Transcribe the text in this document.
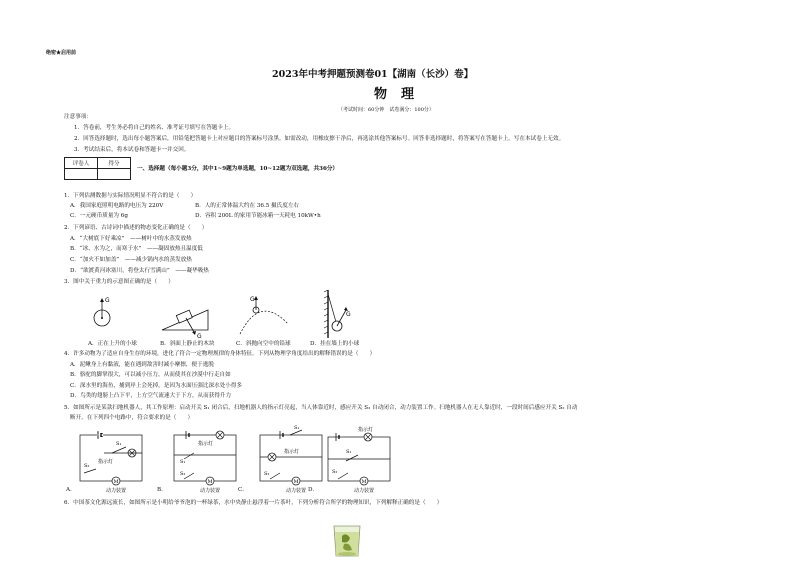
绝密★启用前
2023年中考押题预测卷01【湖南（长沙）卷】
物理
（考试时间：60分钟　试卷满分：100分）
注意事项：
1．答卷前，考生务必将自己的姓名、准考证号填写在答题卡上。
2．回答选择题时，选出每小题答案后，用铅笔把答题卡上对应题目的答案标号涂黑。如需改动，用橡皮擦干净后，再选涂其他答案标号。回答非选择题时，将答案写在答题卡上。写在本试卷上无效。
3．考试结束后，将本试卷和答题卡一并交回。
评卷人	得分

一、选择题（每小题3分，其中1~9题为单选题，10~12题为双选题，共36分）
1．下列估测数据与实际情况明显不符合的是（　　）
A．我国家庭照明电路的电压为 220V	B．人的正常体温大约在 36.5 摄氏度左右
C．一元硬币质量为 6g	D．容积 200L 的家用节能冰箱一天耗电 10kW•h
2．下列谚语、古诗词中描述的物态变化正确的是（　　）
A．“大树底下好乘凉”　——树叶中的水蒸发放热
B．“冰、水为之，而寒于水”　——凝固放热且温度低
C．“加火不如加盖”　——减少锅内水的蒸发放热
D．“欲渡黄河冰塞川，将登太行雪满山”　——凝华吸热
3．图中关于重力的示意图正确的是（　　）
G
G
G
G
A．正在上升的小球	B．斜面上静止的木块	C．斜抛向空中的铅球	D．挂在墙上的小球
4．许多动物为了适应自身生存的环境，进化了符合一定物理规律的身体特征。下列从物理学角度给出的解释错误的是（　　）
A．泥鳅身上有黏液，能在遇到敌害时减小摩擦，便于逃脱
B．骆驼的脚掌很大，可以减小压力，从而使其在沙漠中行走自如
C．深水里的海鱼，捕到岸上会死掉，是因为水面压强比深水处小得多
D．鸟类的翅膀上凸下平，上方空气流速大于下方，从而获得升力
5．如图所示是某款扫地机器人，其工作原理：启动开关 S₁ 闭合后，扫地机器人的指示灯亮起，当人体靠近时，感应开关 S₂ 自动闭合，动力装置工作。扫地机器人在无人靠近时，一段时间后感应开关 S₂ 自动
断开。在下列四个电路中，符合要求的是（　　）
S₁
指示灯
S₂
M
动力装置
指示灯
S₁
S₂
M
动力装置
S₁
指示灯
S₂
M
动力装置
指示灯
S₁
S₂
M
动力装置
A．	B．	C．	D．
6．中国茶文化源远流长，如图所示是小明给爷爷泡的一杯绿茶，水中央静止悬浮着一片茶叶，下列分析符合所学的物理知识，下列解释正确的是（　　）
